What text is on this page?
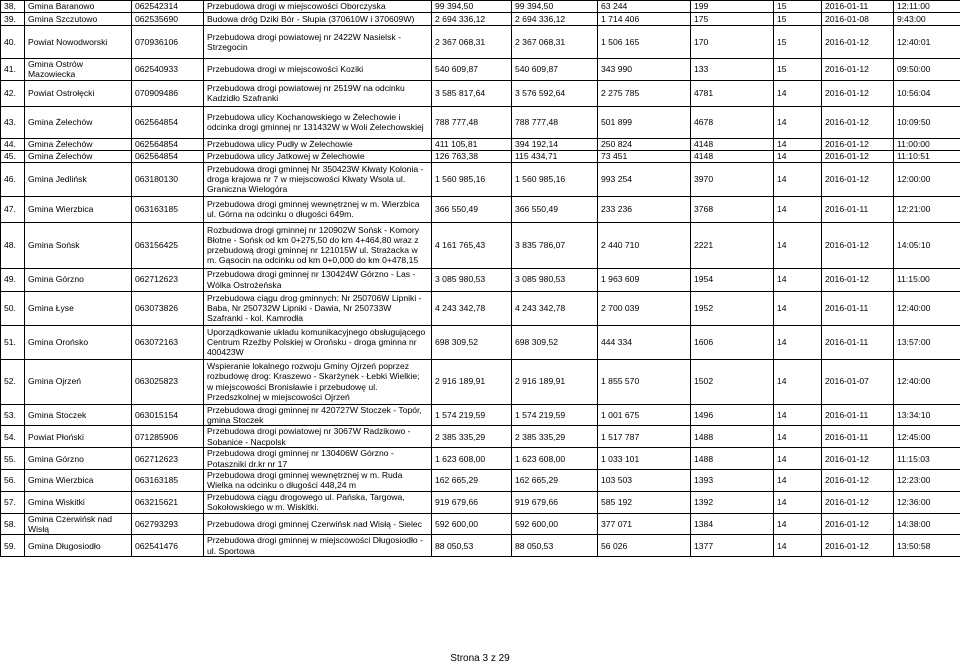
38.	Gmina Baranowo	062542314	Przebudowa drogi w miejscowości Oborczyska	99 394,50	99 394,50	63 244	199	15	2016-01-11	12:11:00
39.	Gmina Szczutowo	062535690	Budowa dróg Dziki Bór - Słupia (370610W i 370609W)	2 694 336,12	2 694 336,12	1 714 406	175	15	2016-01-08	9:43:00
40.	Powiat Nowodworski	070936106	Przebudowa drogi powiatowej nr 2422W Nasielsk - Strzegocin	2 367 068,31	2 367 068,31	1 506 165	170	15	2016-01-12	12:40:01
41.	Gmina Ostrów Mazowiecka	062540933	Przebudowa drogi w miejscowości Koziki	540 609,87	540 609,87	343 990	133	15	2016-01-12	09:50:00
42.	Powiat Ostrołęcki	070909486	Przebudowa drogi powiatowej nr 2519W na odcinku Kadzidło Szafranki	3 585 817,64	3 576 592,64	2 275 785	4781	14	2016-01-12	10:56:04
43.	Gmina Żelechów	062564854	Przebudowa ulicy Kochanowskiego w Żelechowie i odcinka drogi gminnej nr 131432W w Woli Żelechowskiej	788 777,48	788 777,48	501 899	4678	14	2016-01-12	10:09:50
44.	Gmina Żelechów	062564854	Przebudowa ulicy Pudły w Żelechowie	411 105,81	394 192,14	250 824	4148	14	2016-01-12	11:00:00
45.	Gmina Żelechów	062564854	Przebudowa ulicy Jatkowej w Żelechowie	126 763,38	115 434,71	73 451	4148	14	2016-01-12	11:10:51
46.	Gmina Jedlińsk	063180130	Przebudowa drogi gminnej Nr 350423W Kłwaty Kolonia - droga krajowa nr 7 w miejscowości Kłwaty Wsola ul. Graniczna Wielogóra	1 560 985,16	1 560 985,16	993 254	3970	14	2016-01-12	12:00:00
47.	Gmina Wierzbica	063163185	Przebudowa drogi gminnej wewnętrznej w m. Wierzbica ul. Górna na odcinku o długości 649m.	366 550,49	366 550,49	233 236	3768	14	2016-01-11	12:21:00
48.	Gmina Sońsk	063156425	Rozbudowa drogi gminnej nr 120902W Sońsk - Komory Błotne - Sońsk od km 0+275,50 do km 4+464,80 wraz z przebudową drogi gminnej nr 121015W ul. Strażacka w m. Gąsocin na odcinku od km 0+0,000 do km 0+478,15	4 161 765,43	3 835 786,07	2 440 710	2221	14	2016-01-12	14:05:10
49.	Gmina Górzno	062712623	Przebudowa drogi gminnej nr 130424W Górzno - Las - Wólka Ostrożeńska	3 085 980,53	3 085 980,53	1 963 609	1954	14	2016-01-12	11:15:00
50.	Gmina Łyse	063073826	Przebudowa ciągu drog gminnych: Nr 250706W Lipniki - Baba, Nr 250732W Lipniki - Dawia, Nr 250733W Szafranki - kol. Kamrodła	4 243 342,78	4 243 342,78	2 700 039	1952	14	2016-01-11	12:40:00
51.	Gmina Orońsko	063072163	Uporządkowanie układu komunikacyjnego obsługującego Centrum Rzeźby Polskiej w Orońsku - droga gminna nr 400423W	698 309,52	698 309,52	444 334	1606	14	2016-01-11	13:57:00
52.	Gmina Ojrzeń	063025823	Wspieranie lokalnego rozwoju Gminy Ojrzeń poprzez rozbudowę drog: Kraszewo - Skarżynek - Łebki Wielkie; w miejscowości Bronisławie i przebudowę ul. Przedszkolnej w miejscowości Ojrzeń	2 916 189,91	2 916 189,91	1 855 570	1502	14	2016-01-07	12:40:00
53.	Gmina Stoczek	063015154	Przebudowa drogi gminnej nr 420727W Stoczek - Topór, gmina Stoczek	1 574 219,59	1 574 219,59	1 001 675	1496	14	2016-01-11	13:34:10
54.	Powiat Płoński	071285906	Przebudowa drogi powiatowej nr 3067W Radzikowo - Sobanice - Nacpolsk	2 385 335,29	2 385 335,29	1 517 787	1488	14	2016-01-11	12:45:00
55.	Gmina Górzno	062712623	Przebudowa drogi gminnej nr 130406W Górzno - Potaszniki dr.kr nr 17	1 623 608,00	1 623 608,00	1 033 101	1488	14	2016-01-12	11:15:03
56.	Gmina Wierzbica	063163185	Przebudowa drogi gminnej wewnętrznej w m. Ruda Wielka na odcinku o długości 448,24 m	162 665,29	162 665,29	103 503	1393	14	2016-01-12	12:23:00
57.	Gmina Wiskitki	063215621	Przebudowa ciągu drogowego ul. Pańska, Targowa, Sokołowskiego w m. Wiskitki.	919 679,66	919 679,66	585 192	1392	14	2016-01-12	12:36:00
58.	Gmina Czerwińsk nad Wisłą	062793293	Przebudowa drogi gminnej Czerwińsk nad Wisłą - Sielec	592 600,00	592 600,00	377 071	1384	14	2016-01-12	14:38:00
59.	Gmina Długosiodło	062541476	Przebudowa drogi gminnej w miejscowości Długosiodło - ul. Sportowa	88 050,53	88 050,53	56 026	1377	14	2016-01-12	13:50:58
Strona 3 z 29
